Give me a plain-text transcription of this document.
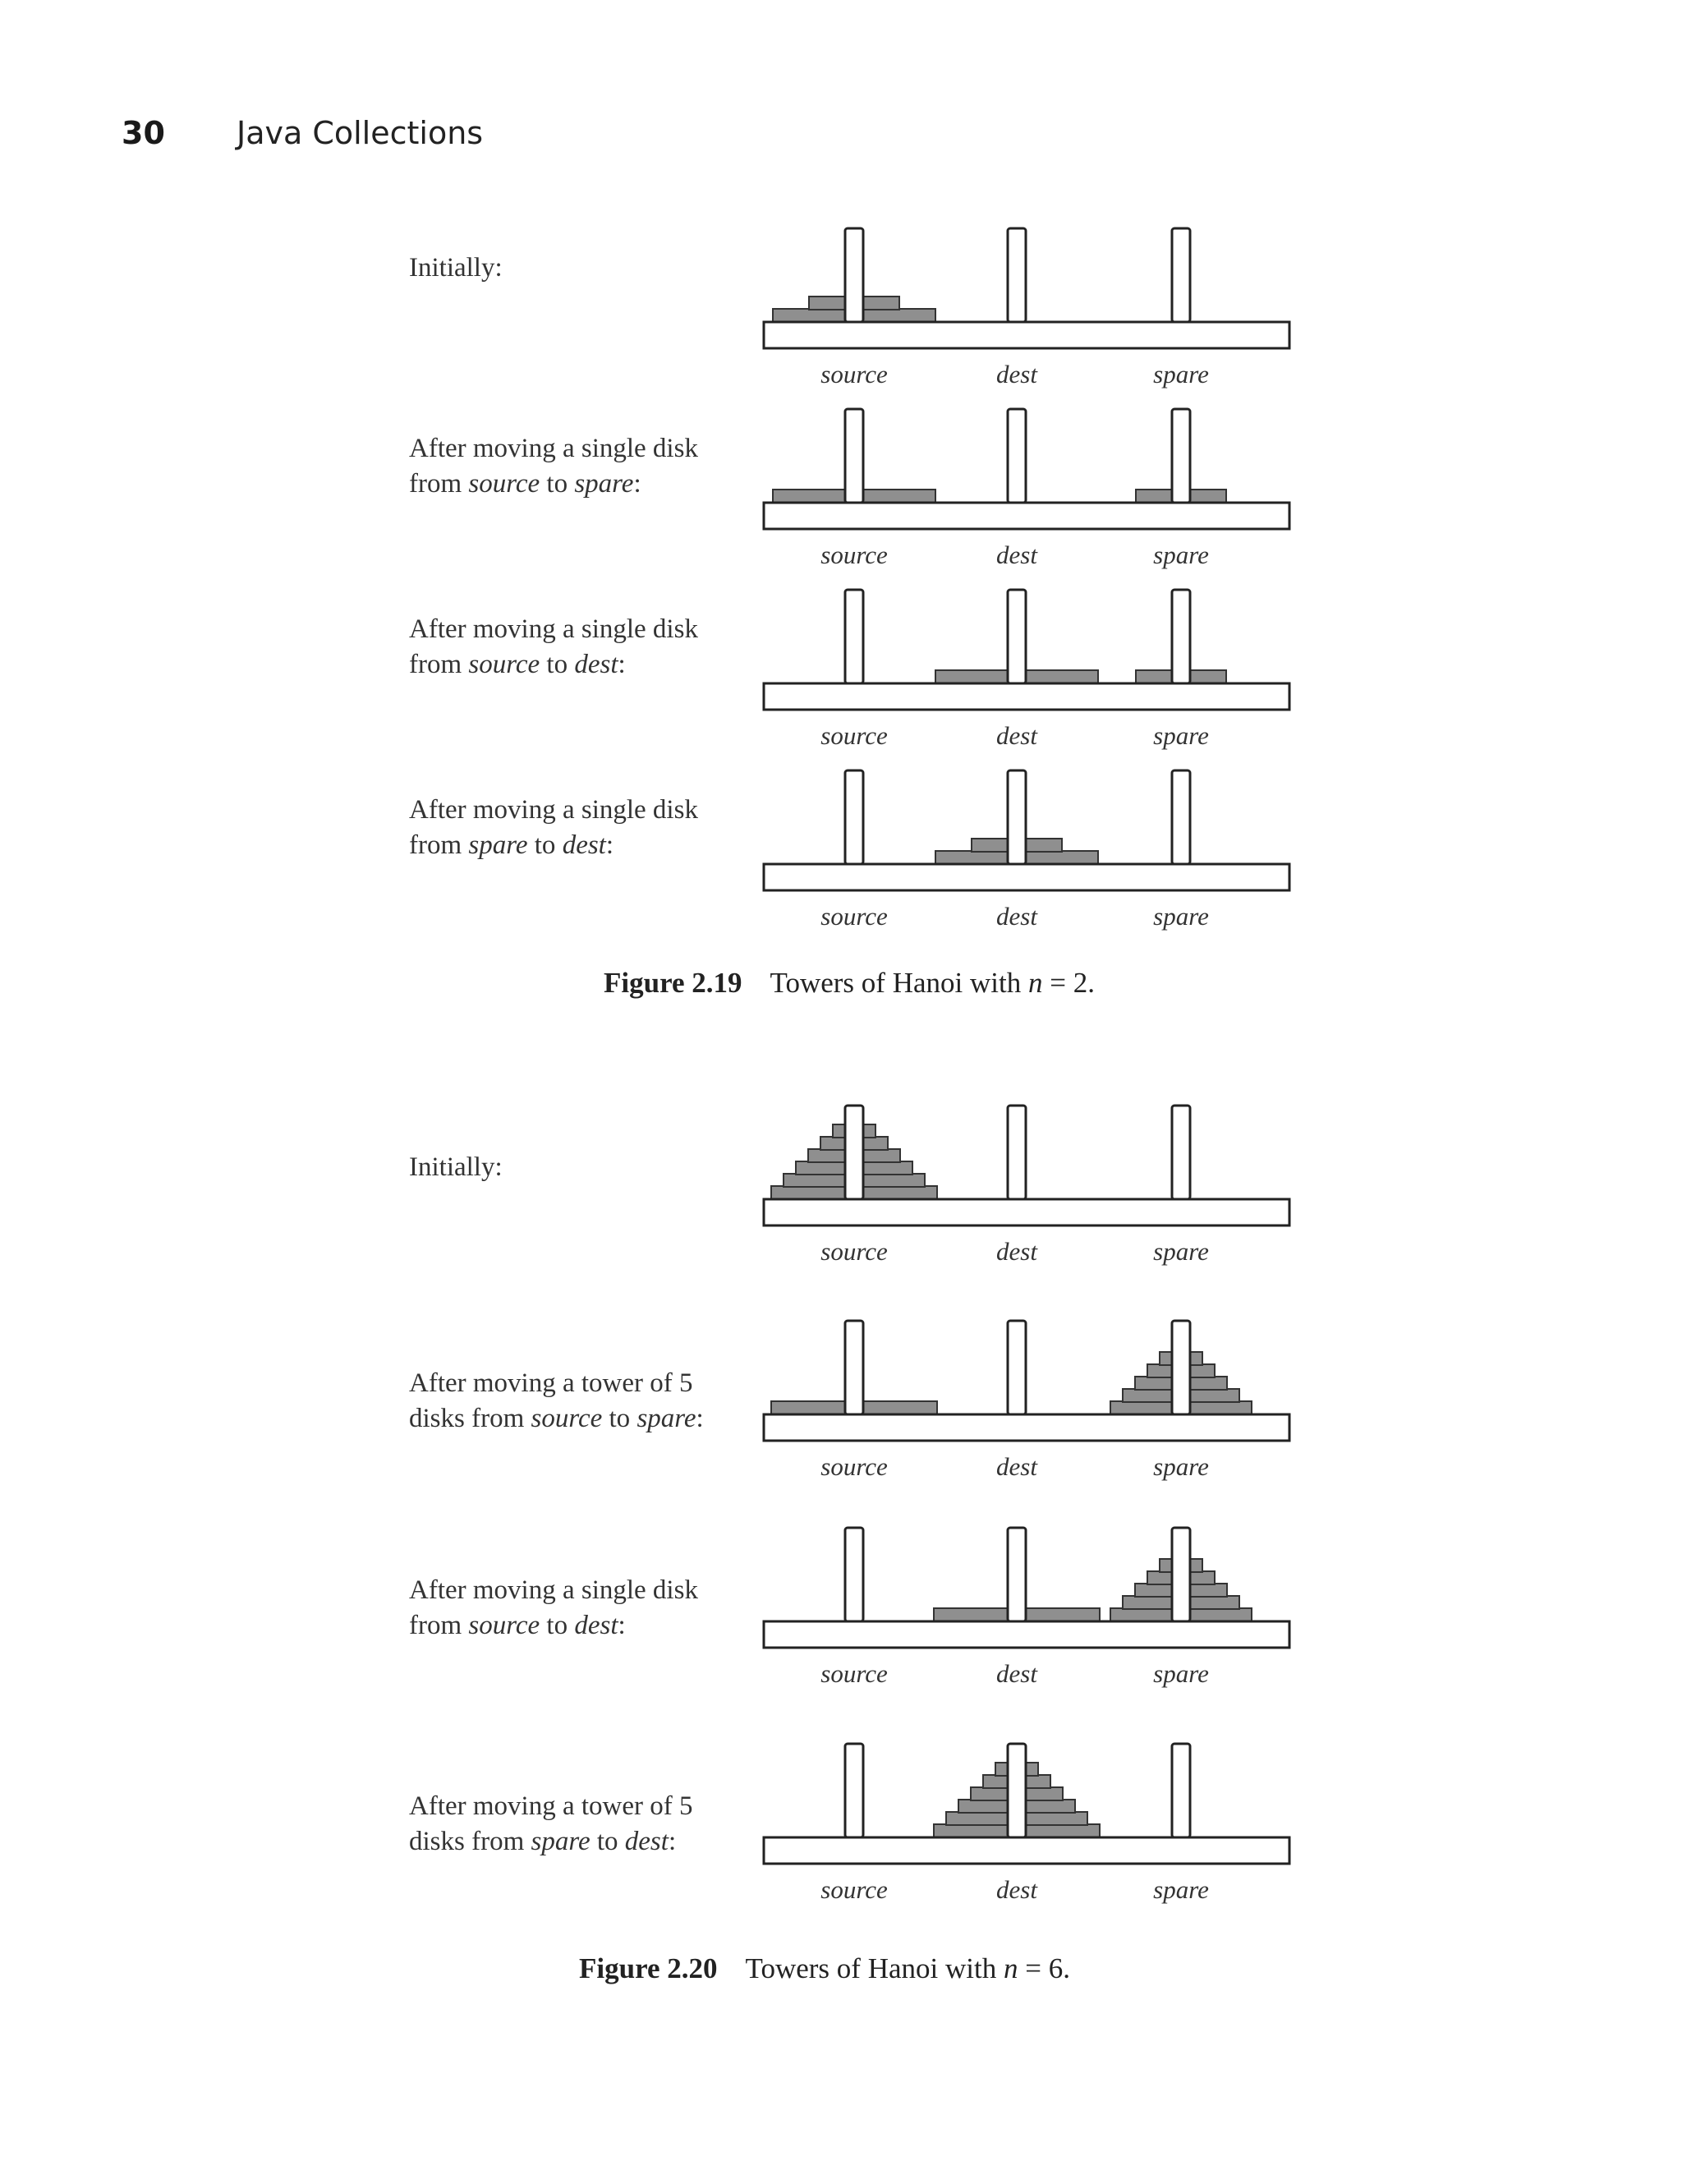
30 Java Collections
Initially:
source	dest	spare
After moving a single disk
from source to spare:
source	dest	spare
After moving a single disk
from source to dest:
source	dest	spare
After moving a single disk
from spare to dest:
source	dest	spare
Figure 2.19 Towers of Hanoi with n = 2.
Initially:
source	dest	spare
After moving a tower of 5
disks from source to spare:
source	dest	spare
After moving a single disk
from source to dest:
source	dest	spare
After moving a tower of 5
disks from spare to dest:
source	dest	spare
Figure 2.20 Towers of Hanoi with n = 6.
